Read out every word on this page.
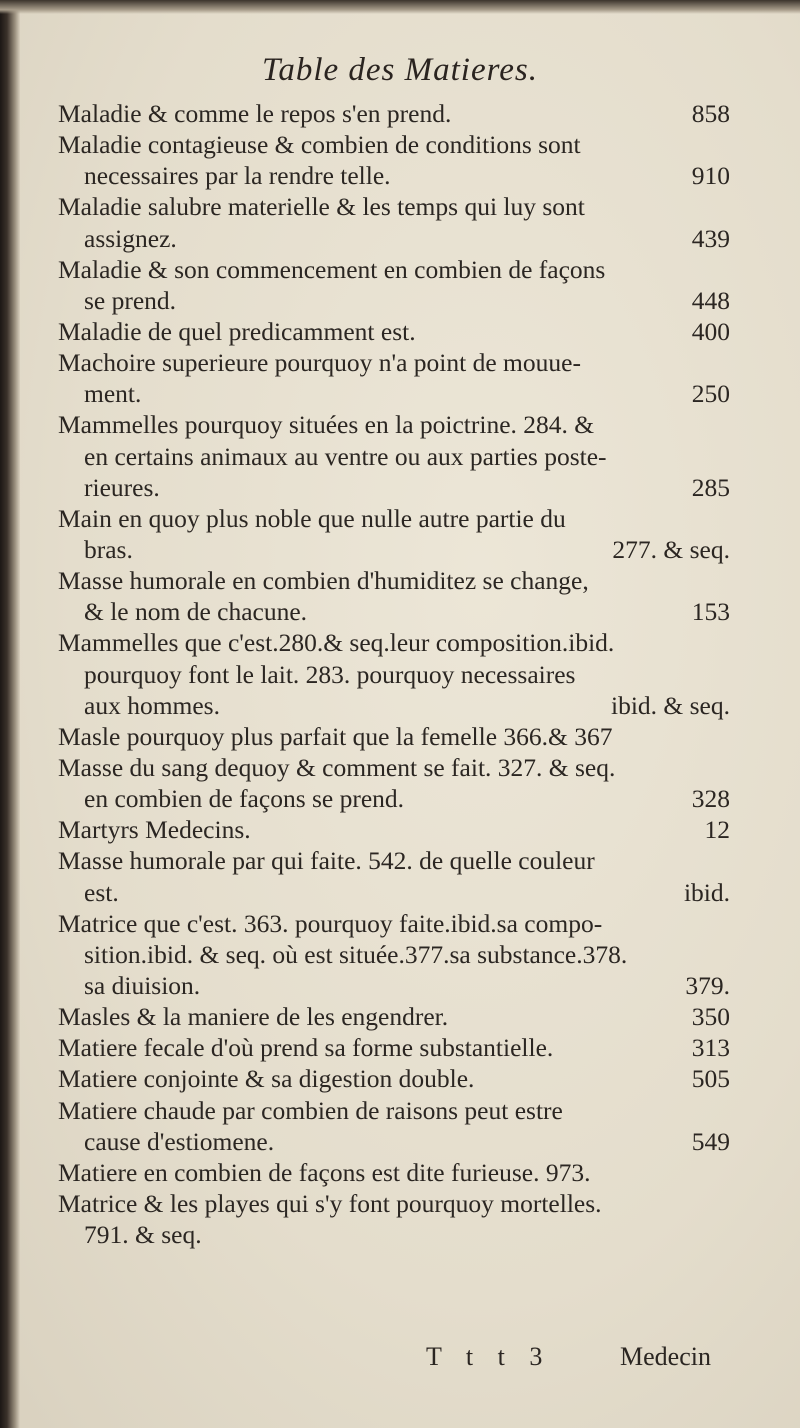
Table des Matieres.
Maladie & comme le repos s'en prend.	858
Maladie contagieuse & combien de conditions sont
necessaires par la rendre telle.	910
Maladie salubre materielle & les temps qui luy sont
assignez.	439
Maladie & son commencement en combien de façons
se prend.	448
Maladie de quel predicamment est.	400
Machoire superieure pourquoy n'a point de mouue-
ment.	250
Mammelles pourquoy situées en la poictrine. 284. &
en certains animaux au ventre ou aux parties poste-
rieures.	285
Main en quoy plus noble que nulle autre partie du
bras.	277. & seq.
Masse humorale en combien d'humiditez se change,
& le nom de chacune.	153
Mammelles que c'est.280.& seq.leur composition.ibid.
pourquoy font le lait. 283. pourquoy necessaires
aux hommes.	ibid. & seq.
Masle pourquoy plus parfait que la femelle 366.& 367
Masse du sang dequoy & comment se fait. 327. & seq.
en combien de façons se prend.	328
Martyrs Medecins.	12
Masse humorale par qui faite. 542. de quelle couleur
est.	ibid.
Matrice que c'est. 363. pourquoy faite.ibid.sa compo-
sition.ibid. & seq. où est située.377.sa substance.378.
sa diuision.	379.
Masles & la maniere de les engendrer.	350
Matiere fecale d'où prend sa forme substantielle.	313
Matiere conjointe & sa digestion double.	505
Matiere chaude par combien de raisons peut estre
cause d'estiomene.	549
Matiere en combien de façons est dite furieuse. 973.
Matrice & les playes qui s'y font pourquoy mortelles.
791. & seq.
T t t 3	Medecin
